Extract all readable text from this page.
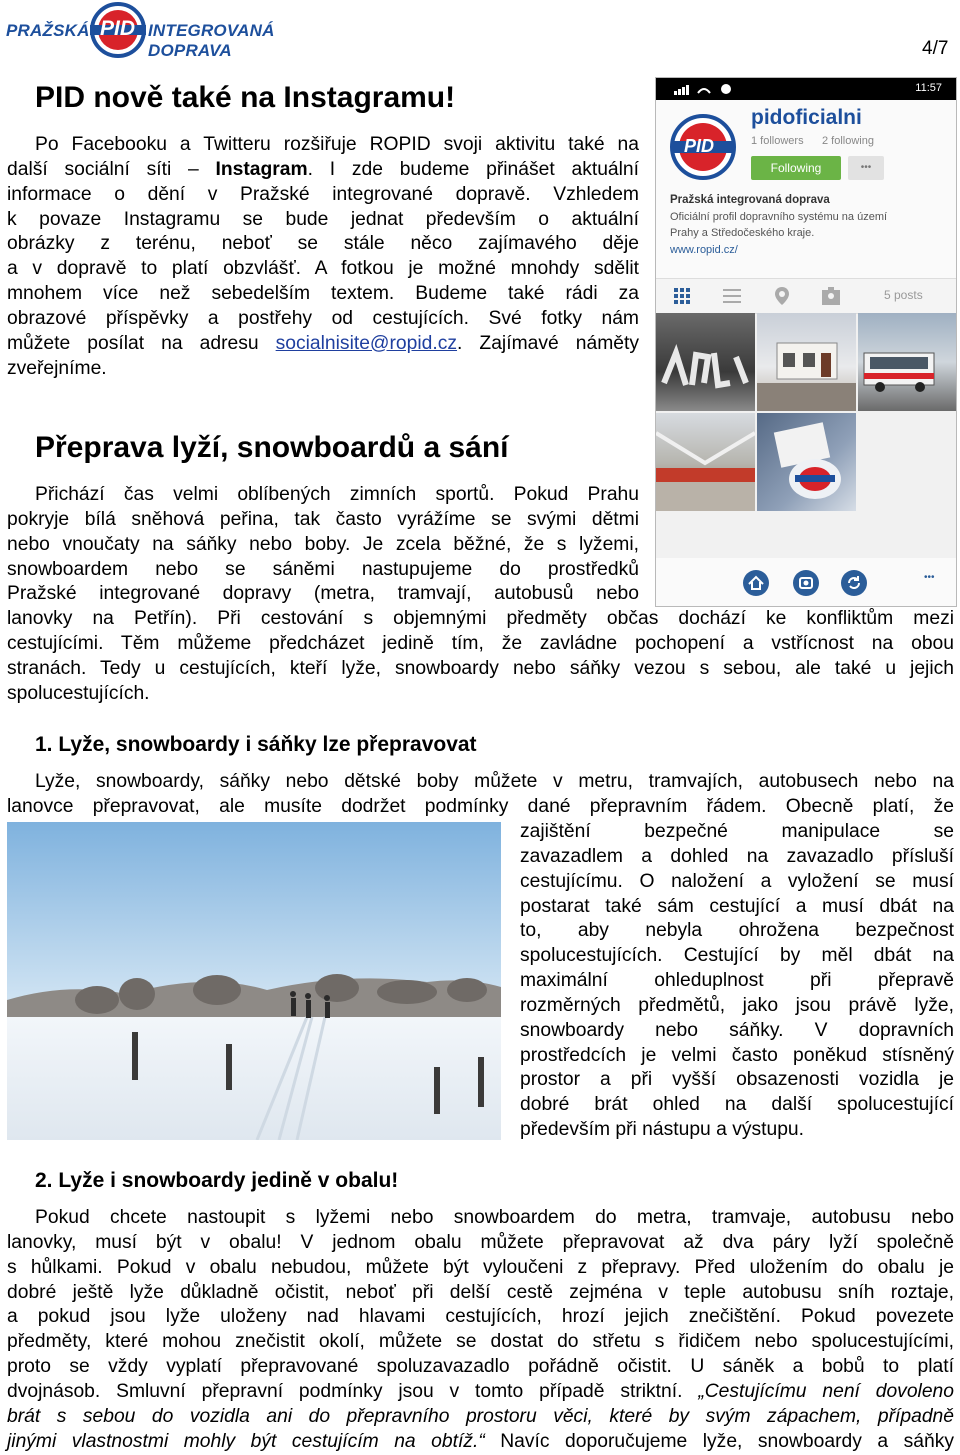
PRAŽSKÁ PID INTEGROVANÁ DOPRAVA	4/7
PID nově také na Instagramu!

Po Facebooku a Twitteru rozšiřuje ROPID svoji aktivitu také na

další sociální síti – Instagram. I zde budeme přinášet aktuální

informace o dění v Pražské integrované dopravě. Vzhledem

k povaze Instagramu se bude jednat především o aktuální

obrázky z terénu, neboť se stále něco zajímavého děje

a v dopravě to platí obzvlášť. A fotkou je možné mnohdy sdělit

mnohem více než sebedelším textem. Budeme také rádi za

obrazové příspěvky a postřehy od cestujících. Své fotky nám

můžete posílat na adresu socialnisite@ropid.cz. Zajímavé náměty

zveřejníme.

11:57
PID
pidoficialni
1 followers 2 following
Following	•••
Pražská integrovaná doprava
Oficiální profil dopravního systému na území
Prahy a Středočeského kraje.
www.ropid.cz/
5 posts
•••
Přeprava lyží, snowboardů a sání

Přichází čas velmi oblíbených zimních sportů. Pokud Prahu

pokryje bílá sněhová peřina, tak často vyrážíme se svými dětmi

nebo vnoučaty na sáňky nebo boby. Je zcela běžné, že s lyžemi,

snowboardem nebo se sáněmi nastupujeme do prostředků

Pražské integrované dopravy (metra, tramvají, autobusů nebo

lanovky na Petřín). Při cestování s objemnými předměty občas dochází ke konfliktům mezi

cestujícími. Těm můžeme předcházet jedině tím, že zavládne pochopení a vstřícnost na obou

stranách. Tedy u cestujících, kteří lyže, snowboardy nebo sáňky vezou s sebou, ale také u jejich

spolucestujících.

1. Lyže, snowboardy i sáňky lze přepravovat

Lyže, snowboardy, sáňky nebo dětské boby můžete v metru, tramvajích, autobusech nebo na

lanovce přepravovat, ale musíte dodržet podmínky dané přepravním řádem. Obecně platí, že

zajištění bezpečné manipulace se

zavazadlem a dohled na zavazadlo přísluší

cestujícímu. O naložení a vyložení se musí

postarat také sám cestující a musí dbát na

to, aby nebyla ohrožena bezpečnost

spolucestujících. Cestující by měl dbát na

maximální ohleduplnost při přepravě

rozměrných předmětů, jako jsou právě lyže,

snowboardy nebo sáňky. V dopravních

prostředcích je velmi často poněkud stísněný

prostor a při vyšší obsazenosti vozidla je

dobré brát ohled na další spolucestující

především při nástupu a výstupu.

2. Lyže i snowboardy jedině v obalu!

Pokud chcete nastoupit s lyžemi nebo snowboardem do metra, tramvaje, autobusu nebo

lanovky, musí být v obalu! V jednom obalu můžete přepravovat až dva páry lyží společně

s hůlkami. Pokud v obalu nebudou, můžete být vyloučeni z přepravy. Před uložením do obalu je

dobré ještě lyže důkladně očistit, neboť při delší cestě zejména v teple autobusu sníh roztaje,

a pokud jsou lyže uloženy nad hlavami cestujících, hrozí jejich znečištění. Pokud povezete

předměty, které mohou znečistit okolí, můžete se dostat do střetu s řidičem nebo spolucestujícími,

proto se vždy vyplatí přepravované spoluzavazadlo pořádně očistit. U sáněk a bobů to platí

dvojnásob. Smluvní přepravní podmínky jsou v tomto případě striktní. „Cestujícímu není dovoleno

brát s sebou do vozidla ani do přepravního prostoru věci, které by svým zápachem, případně

jinými vlastnostmi mohly být cestujícím na obtíž.“ Navíc doporučujeme lyže, snowboardy a sáňky
